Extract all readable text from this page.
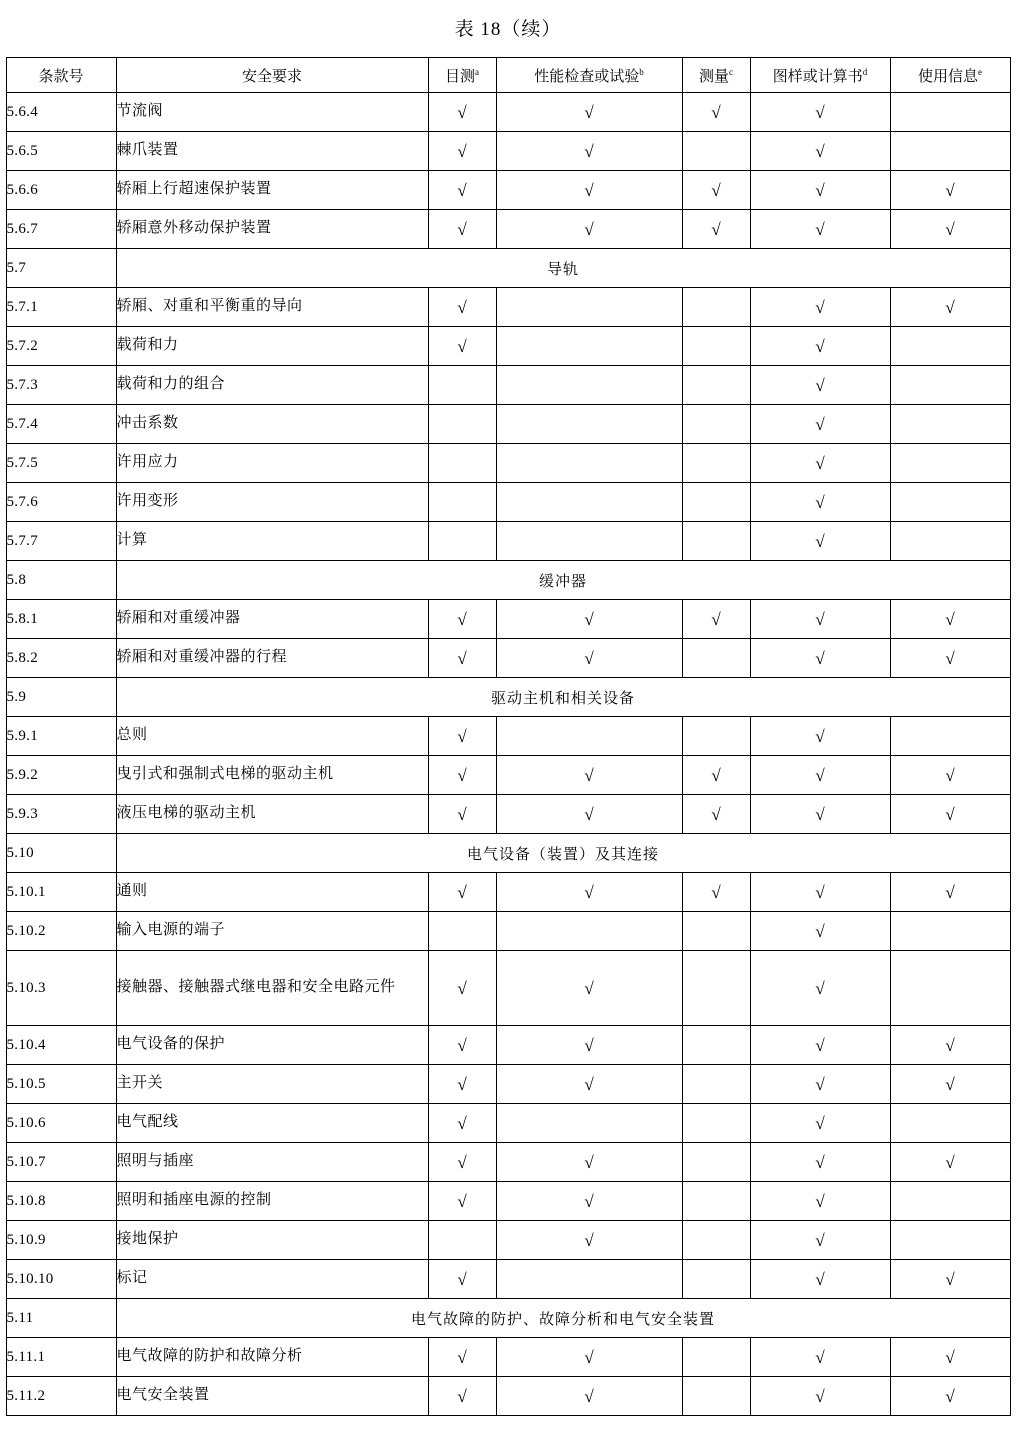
表 18（续）
条款号	安全要求	目测$^a$	性能检查或试验$^b$	测量$^c$	图样或计算书$^d$	使用信息$^e$
5.6.4	节流阀	√	√	√	√	
5.6.5	棘爪装置	√	√		√	
5.6.6	轿厢上行超速保护装置	√	√	√	√	√
5.6.7	轿厢意外移动保护装置	√	√	√	√	√
5.7	导轨					
5.7.1	轿厢、对重和平衡重的导向	√			√	√
5.7.2	载荷和力	√			√	
5.7.3	载荷和力的组合				√	
5.7.4	冲击系数				√	
5.7.5	许用应力				√	
5.7.6	许用变形				√	
5.7.7	计算				√	
5.8	缓冲器					
5.8.1	轿厢和对重缓冲器	√	√	√	√	√
5.8.2	轿厢和对重缓冲器的行程	√	√		√	√
5.9	驱动主机和相关设备					
5.9.1	总则	√			√	
5.9.2	曳引式和强制式电梯的驱动主机	√	√	√	√	√
5.9.3	液压电梯的驱动主机	√	√	√	√	√
5.10	电气设备（装置）及其连接					
5.10.1	通则	√	√	√	√	√
5.10.2	输入电源的端子				√	
5.10.3	接触器、接触器式继电器和安全电路元件	√	√		√	
5.10.4	电气设备的保护	√	√		√	√
5.10.5	主开关	√	√		√	√
5.10.6	电气配线	√			√	
5.10.7	照明与插座	√	√		√	√
5.10.8	照明和插座电源的控制	√	√		√	
5.10.9	接地保护		√		√	
5.10.10	标记	√			√	√
5.11	电气故障的防护、故障分析和电气安全装置					
5.11.1	电气故障的防护和故障分析	√	√		√	√
5.11.2	电气安全装置	√	√		√	√
